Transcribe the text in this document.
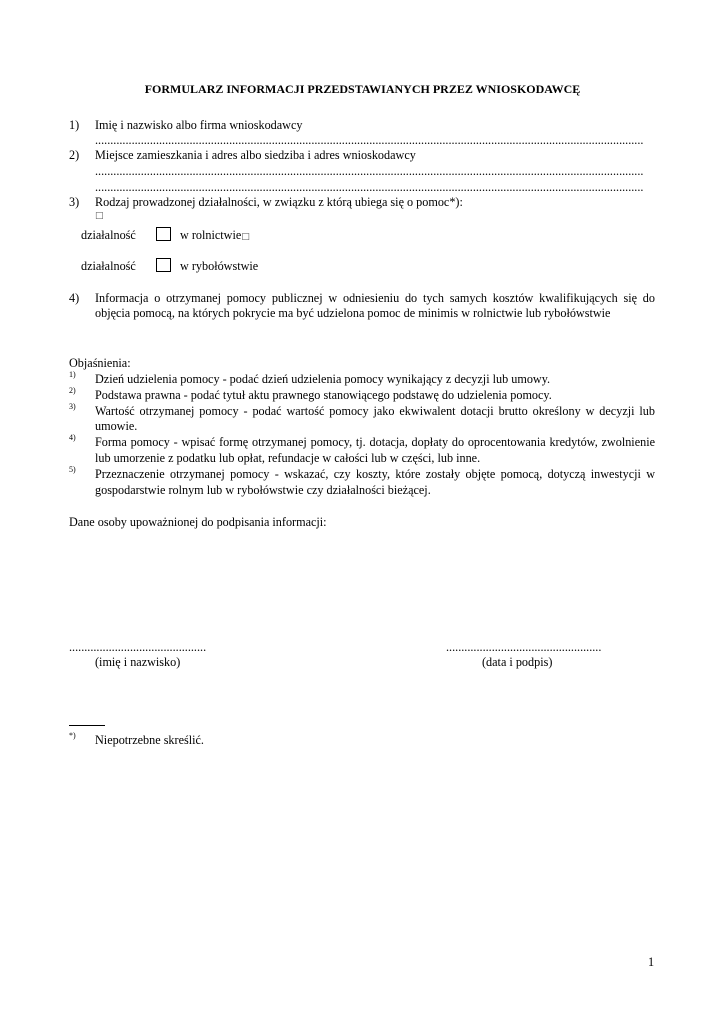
FORMULARZ INFORMACJI PRZEDSTAWIANYCH PRZEZ WNIOSKODAWCĘ
1) Imię i nazwisko albo firma wnioskodawcy
....................................................................................................................................................................................
2) Miejsce zamieszkania i adres albo siedziba i adres wnioskodawcy
....................................................................................................................................................................................
....................................................................................................................................................................................
3) Rodzaj prowadzonej działalności, w związku z którą ubiega się o pomoc*):
□
działalność	w rolnictwie□
działalność	w rybołówstwie
4) Informacja o otrzymanej pomocy publicznej w odniesieniu do tych samych kosztów kwalifikujących się do
objęcia pomocą, na których pokrycie ma być udzielona pomoc de minimis w rolnictwie lub rybołówstwie
Objaśnienia:
1) Dzień udzielenia pomocy - podać dzień udzielenia pomocy wynikający z decyzji lub umowy.
2) Podstawa prawna - podać tytuł aktu prawnego stanowiącego podstawę do udzielenia pomocy.
3) Wartość otrzymanej pomocy - podać wartość pomocy jako ekwiwalent dotacji brutto określony w decyzji lub
umowie.
4) Forma pomocy - wpisać formę otrzymanej pomocy, tj. dotacja, dopłaty do oprocentowania kredytów, zwolnienie
lub umorzenie z podatku lub opłat, refundacje w całości lub w części, lub inne.
5) Przeznaczenie otrzymanej pomocy - wskazać, czy koszty, które zostały objęte pomocą, dotyczą inwestycji w
gospodarstwie rolnym lub w rybołówstwie czy działalności bieżącej.
Dane osoby upoważnionej do podpisania informacji:
.............................................
(imię i nazwisko)
...................................................
(data i podpis)
*) Niepotrzebne skreślić.
1
